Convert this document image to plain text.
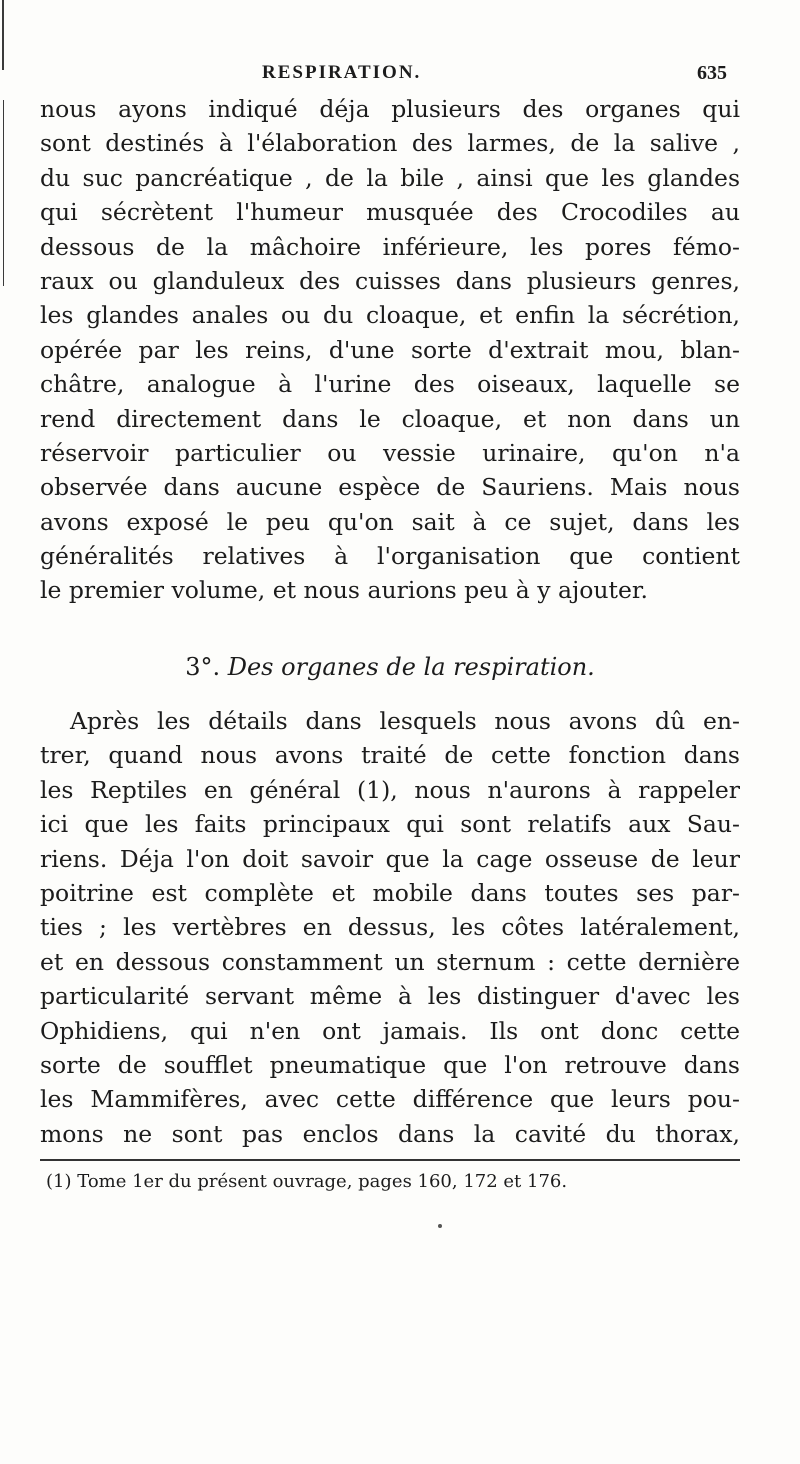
RESPIRATION.	635
nous ayons indiqué déja plusieurs des organes qui
sont destinés à l'élaboration des larmes, de la salive ,
du suc pancréatique , de la bile , ainsi que les glandes
qui sécrètent l'humeur musquée des Crocodiles au
dessous de la mâchoire inférieure, les pores fémo-
raux ou glanduleux des cuisses dans plusieurs genres,
les glandes anales ou du cloaque, et enfin la sécrétion,
opérée par les reins, d'une sorte d'extrait mou, blan-
châtre, analogue à l'urine des oiseaux, laquelle se
rend directement dans le cloaque, et non dans un
réservoir particulier ou vessie urinaire, qu'on n'a
observée dans aucune espèce de Sauriens. Mais nous
avons exposé le peu qu'on sait à ce sujet, dans les
généralités relatives à l'organisation que contient
le premier volume, et nous aurions peu à y ajouter.
3°. Des organes de la respiration.
Après les détails dans lesquels nous avons dû en-
trer, quand nous avons traité de cette fonction dans
les Reptiles en général (1), nous n'aurons à rappeler
ici que les faits principaux qui sont relatifs aux Sau-
riens. Déja l'on doit savoir que la cage osseuse de leur
poitrine est complète et mobile dans toutes ses par-
ties ; les vertèbres en dessus, les côtes latéralement,
et en dessous constamment un sternum : cette dernière
particularité servant même à les distinguer d'avec les
Ophidiens, qui n'en ont jamais. Ils ont donc cette
sorte de soufflet pneumatique que l'on retrouve dans
les Mammifères, avec cette différence que leurs pou-
mons ne sont pas enclos dans la cavité du thorax,
(1) Tome 1er du présent ouvrage, pages 160, 172 et 176.
